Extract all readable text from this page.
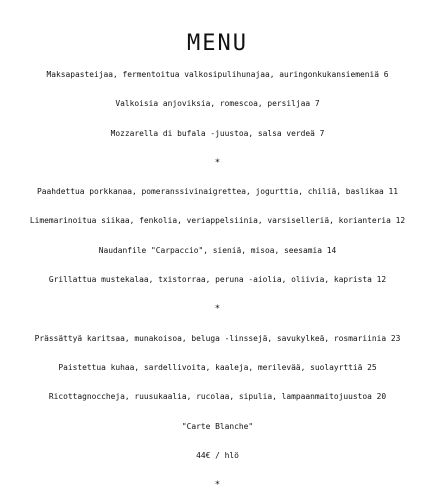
MENU
Maksapasteijaa, fermentoitua valkosipulihunajaa, auringonkukansiemeniä 6
Valkoisia anjoviksia, romescoa, persiljaa 7
Mozzarella di bufala -juustoa, salsa verdeä 7
*
Paahdettua porkkanaa, pomeranssivinaigrettea, jogurttia, chiliä, baslikaa 11
Limemarinoitua siikaa, fenkolia, veriappelsiiniа, varsiselleriä, korianteria 12
Naudanfile "Carpaccio", sieniä, misoa, seesamia 14
Grillattua mustekalaa, txistorraa, peruna -aiolia, oliivia, kaprista 12
*
Prässättyä karitsaa, munakoisoa, beluga -linssejä, savukylkeä, rosmariinia 23
Paistettua kuhaa, sardellivoita, kaaleja, merilevää, suolayrttiä 25
Ricottagnoccheja, ruusukaalia, rucolaa, sipulia, lampaanmaitojuustoa 20
"Carte Blanche"
44€ / hlö
*
